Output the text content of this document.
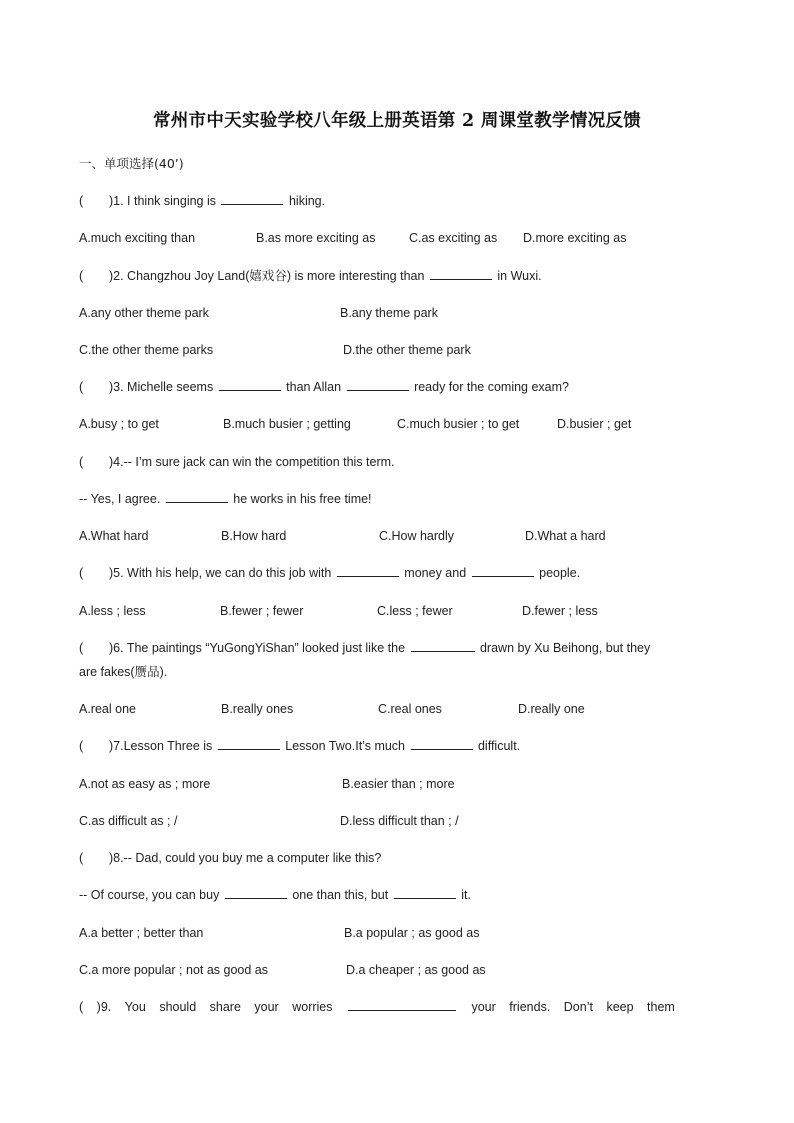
常州市中天实验学校八年级上册英语第 2 周课堂教学情况反馈
一、单项选择(40’)
( )1. I think singing is	hiking.
A.much exciting than	B.as more exciting as	C.as exciting as D.more exciting as
( )2. Changzhou Joy Land(嬉戏谷) is more interesting than	in Wuxi.
A.any other theme park	B.any theme park
C.the other theme parks	D.the other theme park
( )3. Michelle seems	than Allan	ready for the coming exam?
A.busy ; to get	B.much busier ; getting	C.much busier ; to get	D.busier ; get
( )4.-- I’m sure jack can win the competition this term.
-- Yes, I agree.	he works in his free time!
A.What hard	B.How hard	C.How hardly	D.What a hard
( )5. With his help, we can do this job with	money and	people.
A.less ; less	B.fewer ; fewer	C.less ; fewer	D.fewer ; less
( )6. The paintings “YuGongYiShan” looked just like the	drawn by Xu Beihong, but they
are fakes(赝品).
A.real one	B.really ones	C.real ones	D.really one
( )7.Lesson Three is	Lesson Two.It’s much	difficult.
A.not as easy as ; more	B.easier than ; more
C.as difficult as ; /	D.less difficult than ; /
( )8.-- Dad, could you buy me a computer like this?
-- Of course, you can buy	one than this, but	it.
A.a better ; better than	B.a popular ; as good as
C.a more popular ; not as good as	D.a cheaper ; as good as
( )9. You should share your worries	your friends. Don’t keep them
